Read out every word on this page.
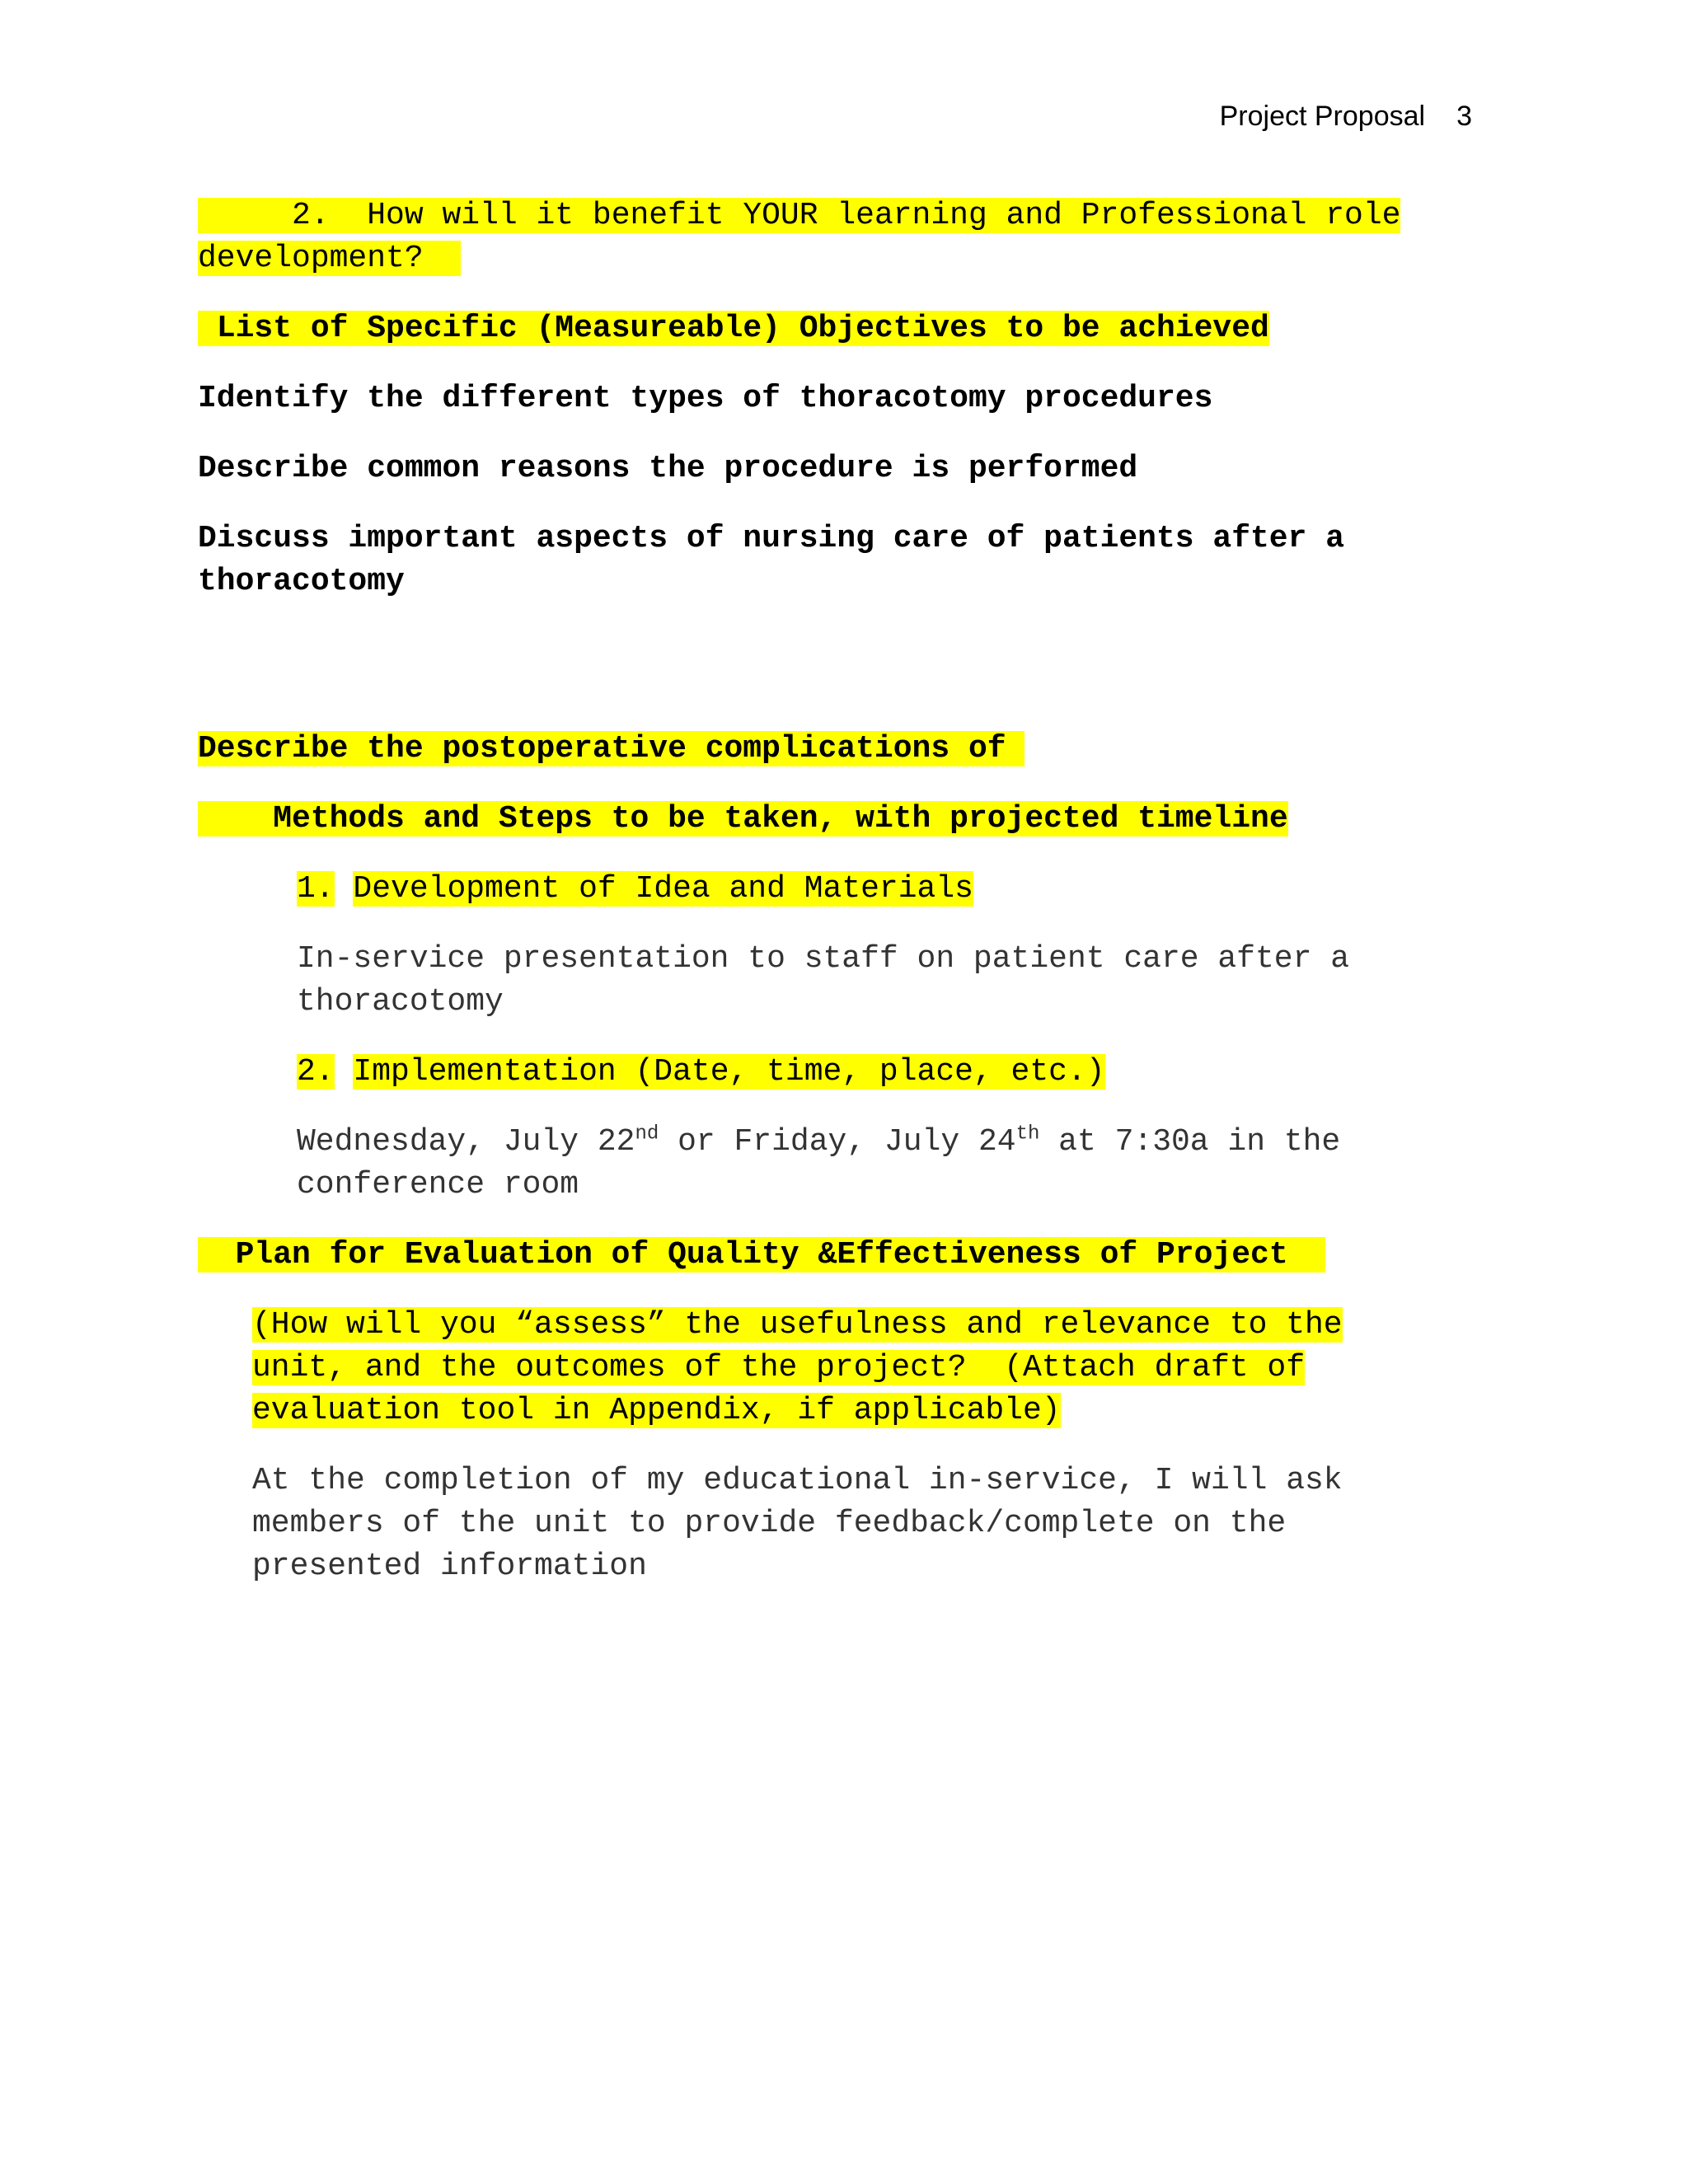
Project Proposal 3

2.  How will it benefit YOUR learning and Professional role

development?

List of Specific (Measureable) Objectives to be achieved

Identify the different types of thoracotomy procedures

Describe common reasons the procedure is performed

Discuss important aspects of nursing care of patients after a

thoracotomy

Describe the postoperative complications of

Methods and Steps to be taken, with projected timeline

1. Development of Idea and Materials

In-service presentation to staff on patient care after a

thoracotomy

2. Implementation (Date, time, place, etc.)

Wednesday, July 22nd or Friday, July 24th at 7:30a in the

conference room

Plan for Evaluation of Quality &Effectiveness of Project

(How will you “assess” the usefulness and relevance to the

unit, and the outcomes of the project?  (Attach draft of

evaluation tool in Appendix, if applicable)

At the completion of my educational in-service, I will ask

members of the unit to provide feedback/complete on the

presented information
